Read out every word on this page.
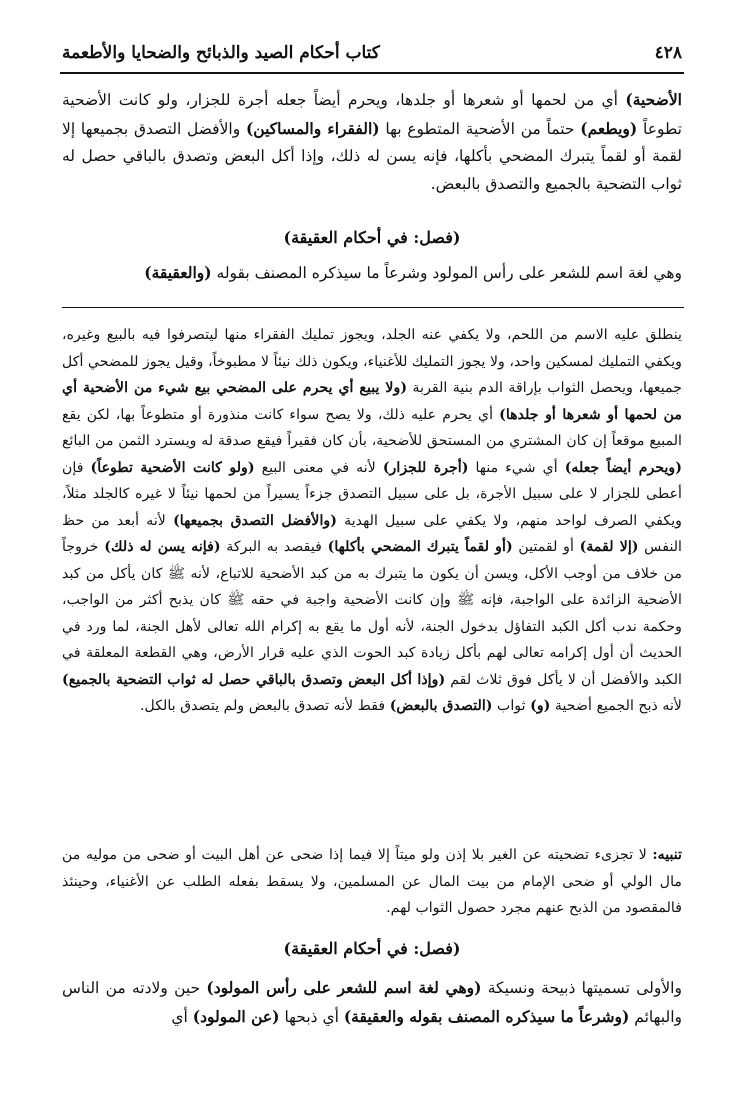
٤٢٨
كتاب أحكام الصيد والذبائح والضحايا والأطعمة

الأضحية) أي من لحمها أو شعرها أو جلدها، ويحرم أيضاً جعله أجرة للجزار، ولو كانت الأضحية تطوعاً (ويطعم) حتماً من الأضحية المتطوع بها (الفقراء والمساكين) والأفضل التصدق بجميعها إلا لقمة أو لقماً يتبرك المضحي بأكلها، فإنه يسن له ذلك، وإذا أكل البعض وتصدق بالباقي حصل له ثواب التضحية بالجميع والتصدق بالبعض.

(فصل: في أحكام العقيقة)

وهي لغة اسم للشعر على رأس المولود وشرعاً ما سيذكره المصنف بقوله (والعقيقة)

ينطلق عليه الاسم من اللحم، ولا يكفي عنه الجلد، ويجوز تمليك الفقراء منها ليتصرفوا فيه بالبيع وغيره، ويكفي التمليك لمسكين واحد، ولا يجوز التمليك للأغنياء، ويكون ذلك نيئاً لا مطبوخاً، وقيل يجوز للمضحي أكل جميعها، ويحصل الثواب بإراقة الدم بنية القربة (ولا يبيع أي يحرم على المضحي بيع شيء من الأضحية أي من لحمها أو شعرها أو جلدها) أي يحرم عليه ذلك، ولا يصح سواء كانت منذورة أو متطوعاً بها، لكن يقع المبيع موقعاً إن كان المشتري من المستحق للأضحية، بأن كان فقيراً فيقع صدقة له ويسترد الثمن من البائع (ويحرم أيضاً جعله) أي شيء منها (أجرة للجزار) لأنه في معنى البيع (ولو كانت الأضحية تطوعاً) فإن أعطى للجزار لا على سبيل الأجرة، بل على سبيل التصدق جزءاً يسيراً من لحمها نيئاً لا غيره كالجلد مثلاً، ويكفي الصرف لواحد منهم، ولا يكفي على سبيل الهدية (والأفضل التصدق بجميعها) لأنه أبعد من حظ النفس (إلا لقمة) أو لقمتين (أو لقماً يتبرك المضحي بأكلها) فيقصد به البركة (فإنه يسن له ذلك) خروجاً من خلاف من أوجب الأكل، ويسن أن يكون ما يتبرك به من كبد الأضحية للاتباع، لأنه ﷺ كان يأكل من كبد الأضحية الزائدة على الواجبة، فإنه ﷺ وإن كانت الأضحية واجبة في حقه ﷺ كان يذبح أكثر من الواجب، وحكمة ندب أكل الكبد التفاؤل بدخول الجنة، لأنه أول ما يقع به إكرام الله تعالى لأهل الجنة، لما ورد في الحديث أن أول إكرامه تعالى لهم بأكل زيادة كبد الحوت الذي عليه قرار الأرض، وهي القطعة المعلقة في الكبد والأفضل أن لا يأكل فوق ثلاث لقم (وإذا أكل البعض وتصدق بالباقي حصل له ثواب التضحية بالجميع) لأنه ذبح الجميع أضحية (و) ثواب (التصدق بالبعض) فقط لأنه تصدق بالبعض ولم يتصدق بالكل.

تنبيه: لا تجزىء تضحيته عن الغير بلا إذن ولو ميتاً إلا فيما إذا ضحى عن أهل البيت أو ضحى من موليه من مال الولي أو ضحى الإمام من بيت المال عن المسلمين، ولا يسقط بفعله الطلب عن الأغنياء، وحينئذ فالمقصود من الذبح عنهم مجرد حصول الثواب لهم.

(فصل: في أحكام العقيقة)

والأولى تسميتها ذبيحة ونسيكة (وهي لغة اسم للشعر على رأس المولود) حين ولادته من الناس والبهائم (وشرعاً ما سيذكره المصنف بقوله والعقيقة) أي ذبحها (عن المولود) أي
